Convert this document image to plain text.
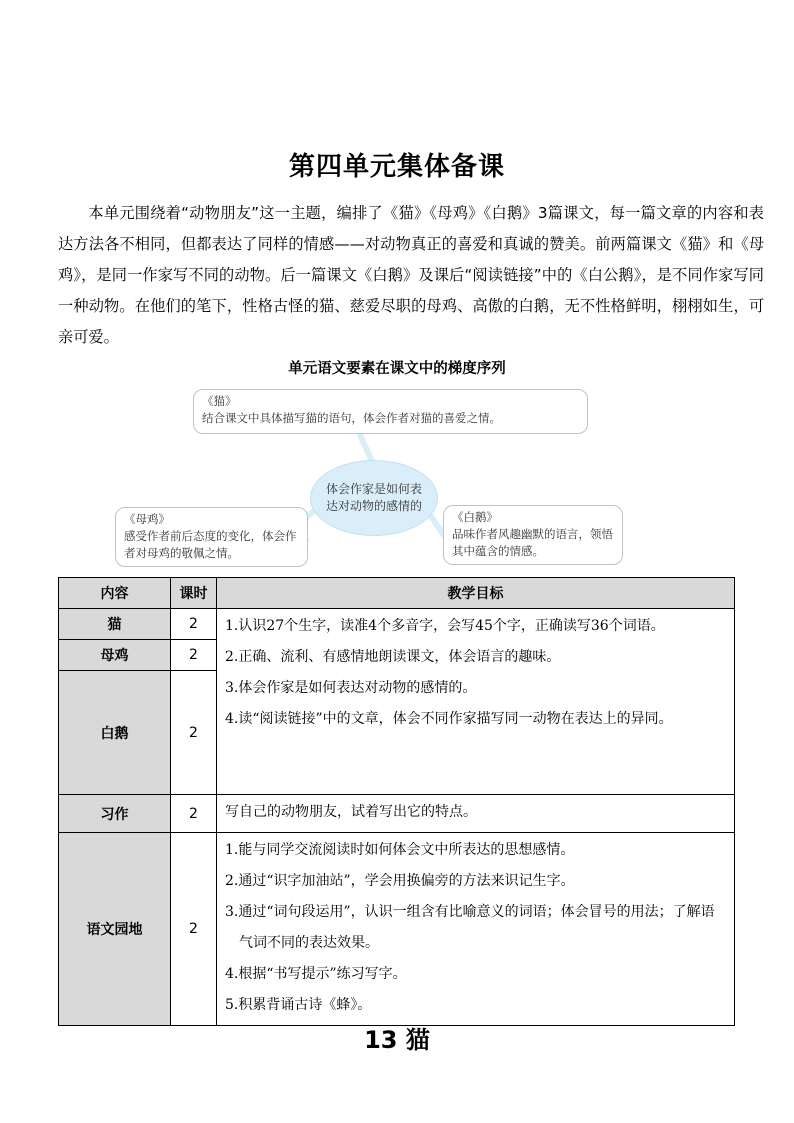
第四单元集体备课
本单元围绕着“动物朋友”这一主题，编排了《猫》《母鸡》《白鹅》3篇课文，每一篇文章的内容和表达方法各不相同，但都表达了同样的情感——对动物真正的喜爱和真诚的赞美。前两篇课文《猫》和《母鸡》，是同一作家写不同的动物。后一篇课文《白鹅》及课后“阅读链接”中的《白公鹅》，是不同作家写同一种动物。在他们的笔下，性格古怪的猫、慈爱尽职的母鸡、高傲的白鹅，无不性格鲜明，栩栩如生，可亲可爱。
单元语文要素在课文中的梯度序列
《猫》
结合课文中具体描写猫的语句，体会作者对猫的喜爱之情。
体会作家是如何表达对动物的感情的
《母鸡》
感受作者前后态度的变化，体会作者对母鸡的敬佩之情。
《白鹅》
品味作者风趣幽默的语言，领悟其中蕴含的情感。
内容	课时	教学目标
猫	2	1.认识27个生字，读准4个多音字，会写45个字，正确读写36个词语。
2.正确、流利、有感情地朗读课文，体会语言的趣味。
3.体会作家是如何表达对动物的感情的。
4.读“阅读链接”中的文章，体会不同作家描写同一动物在表达上的异同。

母鸡	2	
白鹅	2	
习作	2	写自己的动物朋友，试着写出它的特点。

语文园地	2	1.能与同学交流阅读时如何体会文中所表达的思想感情。
2.通过“识字加油站”，学会用换偏旁的方法来识记生字。
3.通过“词句段运用”，认识一组含有比喻意义的词语；体会冒号的用法；了解语气词不同的表达效果。
4.根据“书写提示”练习写字。
5.积累背诵古诗《蜂》。
13 猫
